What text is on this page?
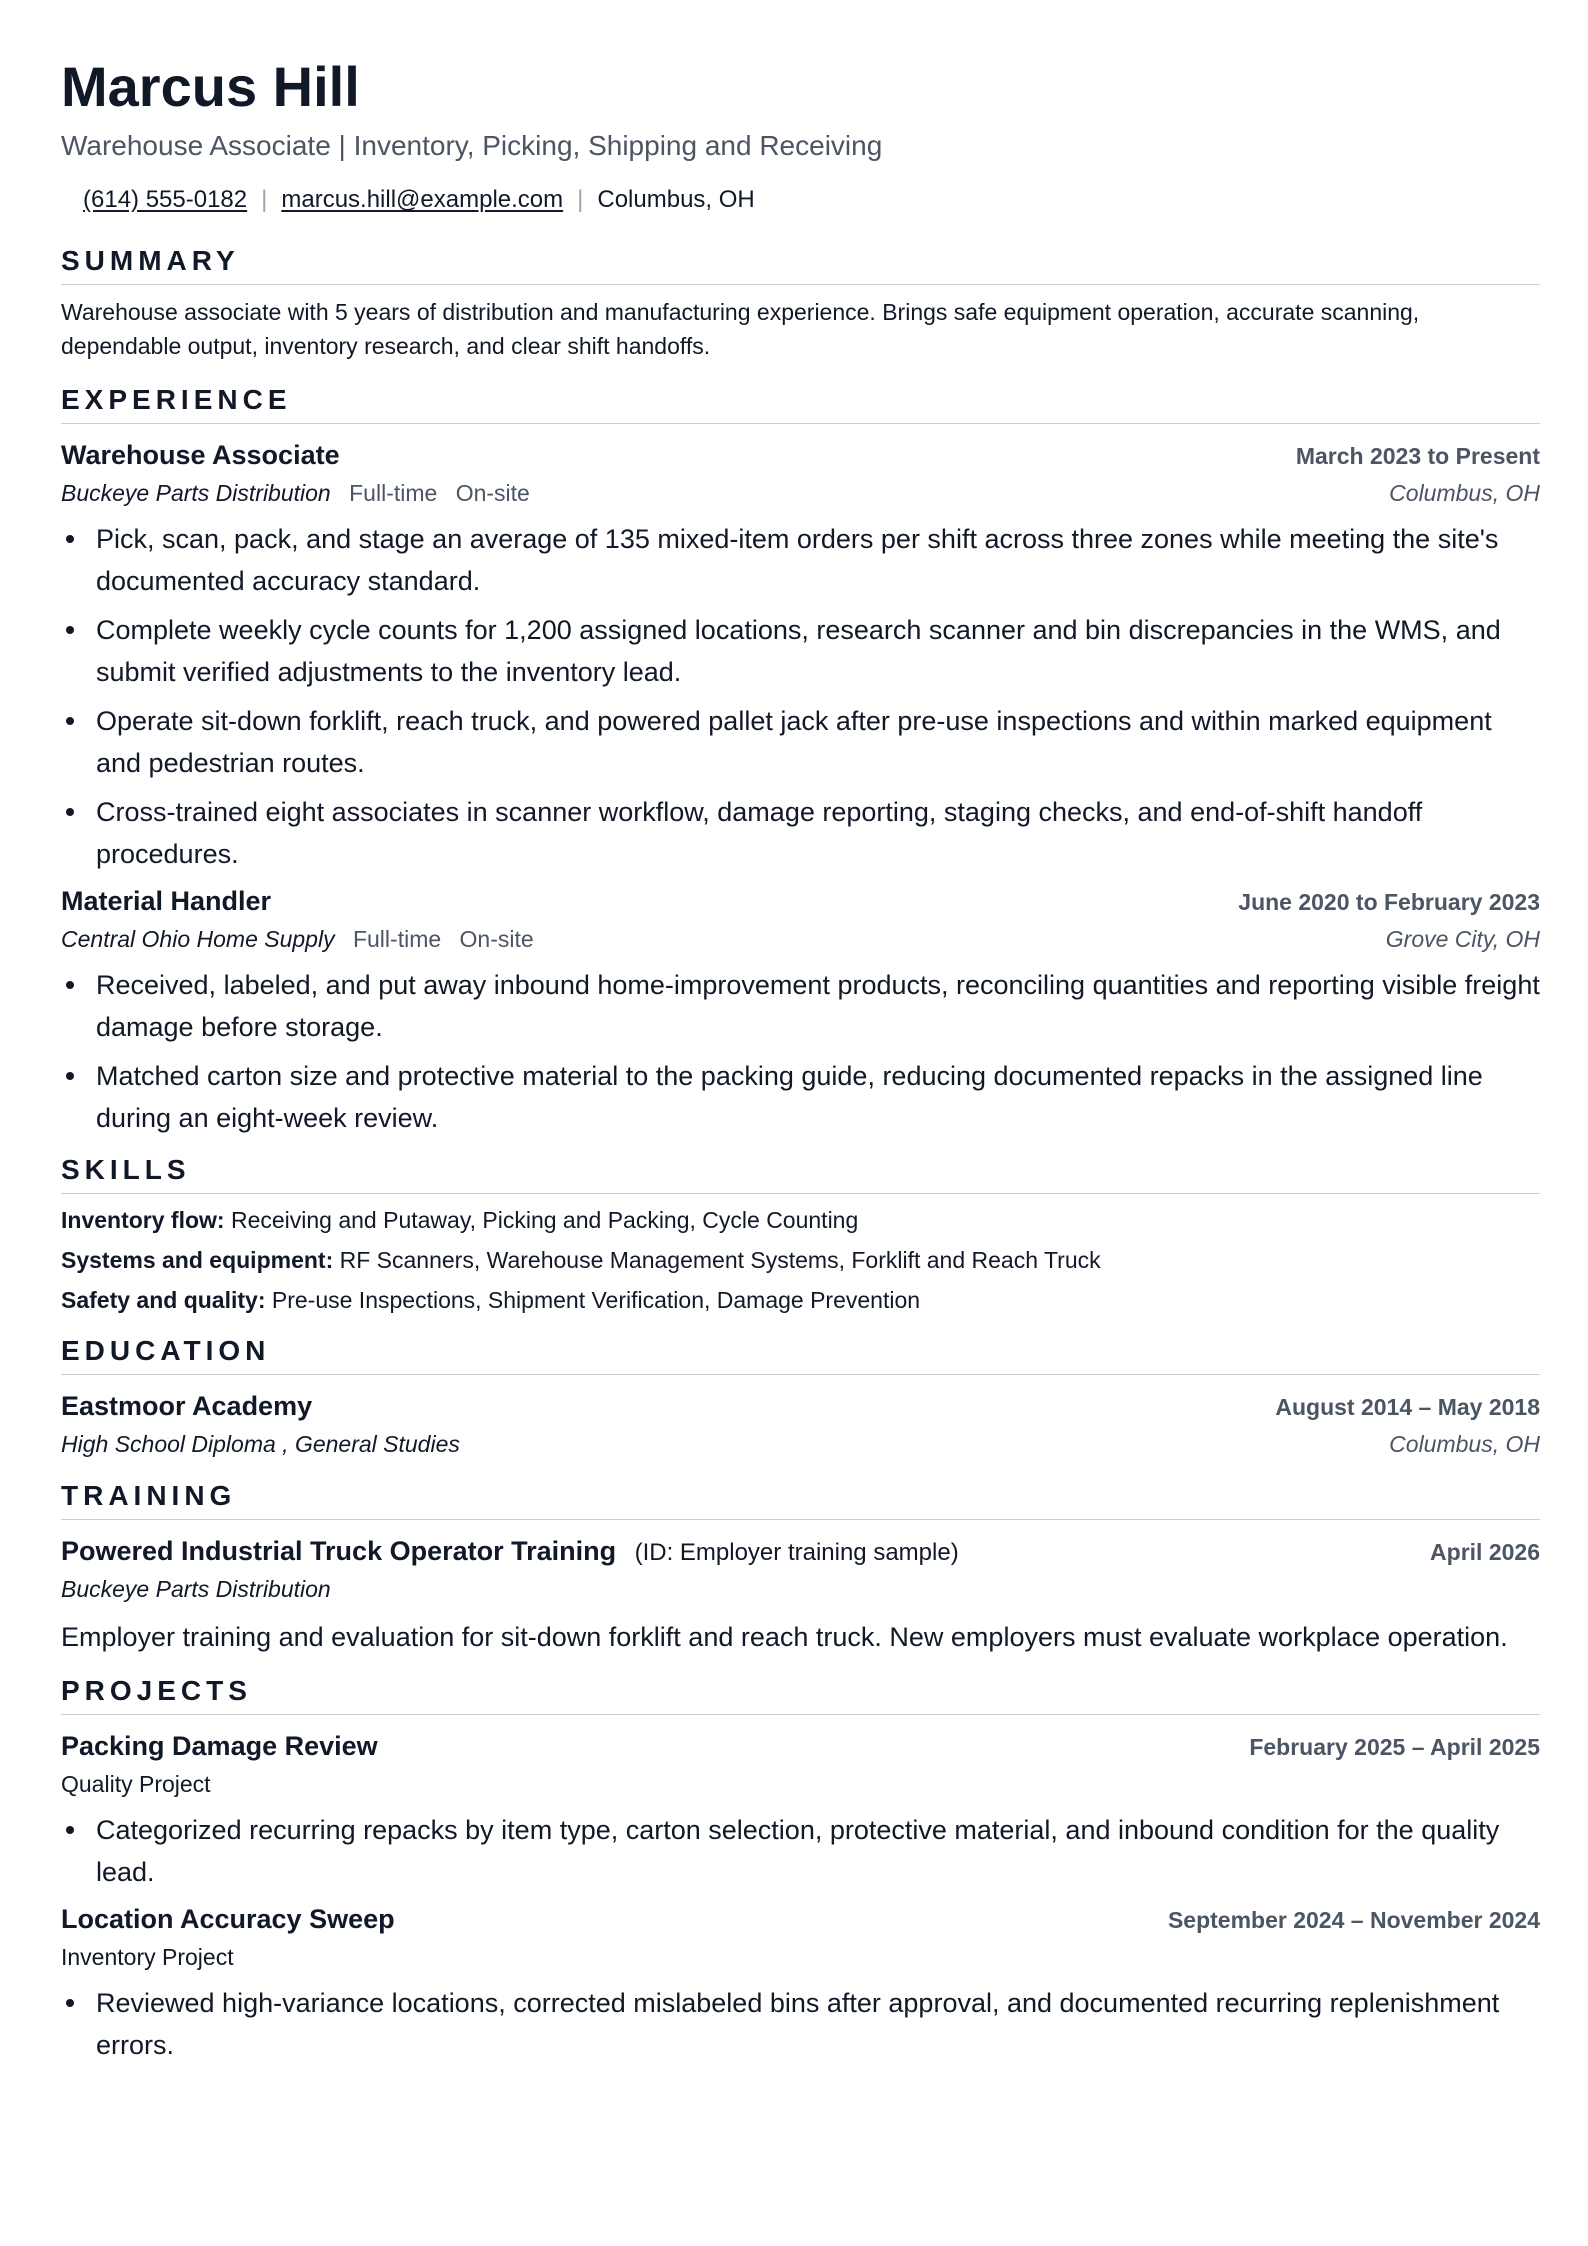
Marcus Hill
Warehouse Associate | Inventory, Picking, Shipping and Receiving
(614) 555-0182 | marcus.hill@example.com | Columbus, OH
SUMMARY
Warehouse associate with 5 years of distribution and manufacturing experience. Brings safe equipment operation, accurate scanning, dependable output, inventory research, and clear shift handoffs.
EXPERIENCE
Warehouse Associate	March 2023 to Present
Buckeye Parts Distribution Full-time On-site	Columbus, OH
Pick, scan, pack, and stage an average of 135 mixed-item orders per shift across three zones while meeting the site's documented accuracy standard.
Complete weekly cycle counts for 1,200 assigned locations, research scanner and bin discrepancies in the WMS, and submit verified adjustments to the inventory lead.
Operate sit-down forklift, reach truck, and powered pallet jack after pre-use inspections and within marked equipment and pedestrian routes.
Cross-trained eight associates in scanner workflow, damage reporting, staging checks, and end-of-shift handoff procedures.
Material Handler	June 2020 to February 2023
Central Ohio Home Supply Full-time On-site	Grove City, OH
Received, labeled, and put away inbound home-improvement products, reconciling quantities and reporting visible freight damage before storage.
Matched carton size and protective material to the packing guide, reducing documented repacks in the assigned line during an eight-week review.
SKILLS
Inventory flow: Receiving and Putaway, Picking and Packing, Cycle Counting
Systems and equipment: RF Scanners, Warehouse Management Systems, Forklift and Reach Truck
Safety and quality: Pre-use Inspections, Shipment Verification, Damage Prevention
EDUCATION
Eastmoor Academy	August 2014 – May 2018
High School Diploma , General Studies	Columbus, OH
TRAINING
Powered Industrial Truck Operator Training (ID: Employer training sample)	April 2026
Buckeye Parts Distribution
Employer training and evaluation for sit-down forklift and reach truck. New employers must evaluate workplace operation.
PROJECTS
Packing Damage Review	February 2025 – April 2025
Quality Project
Categorized recurring repacks by item type, carton selection, protective material, and inbound condition for the quality lead.
Location Accuracy Sweep	September 2024 – November 2024
Inventory Project
Reviewed high-variance locations, corrected mislabeled bins after approval, and documented recurring replenishment errors.
